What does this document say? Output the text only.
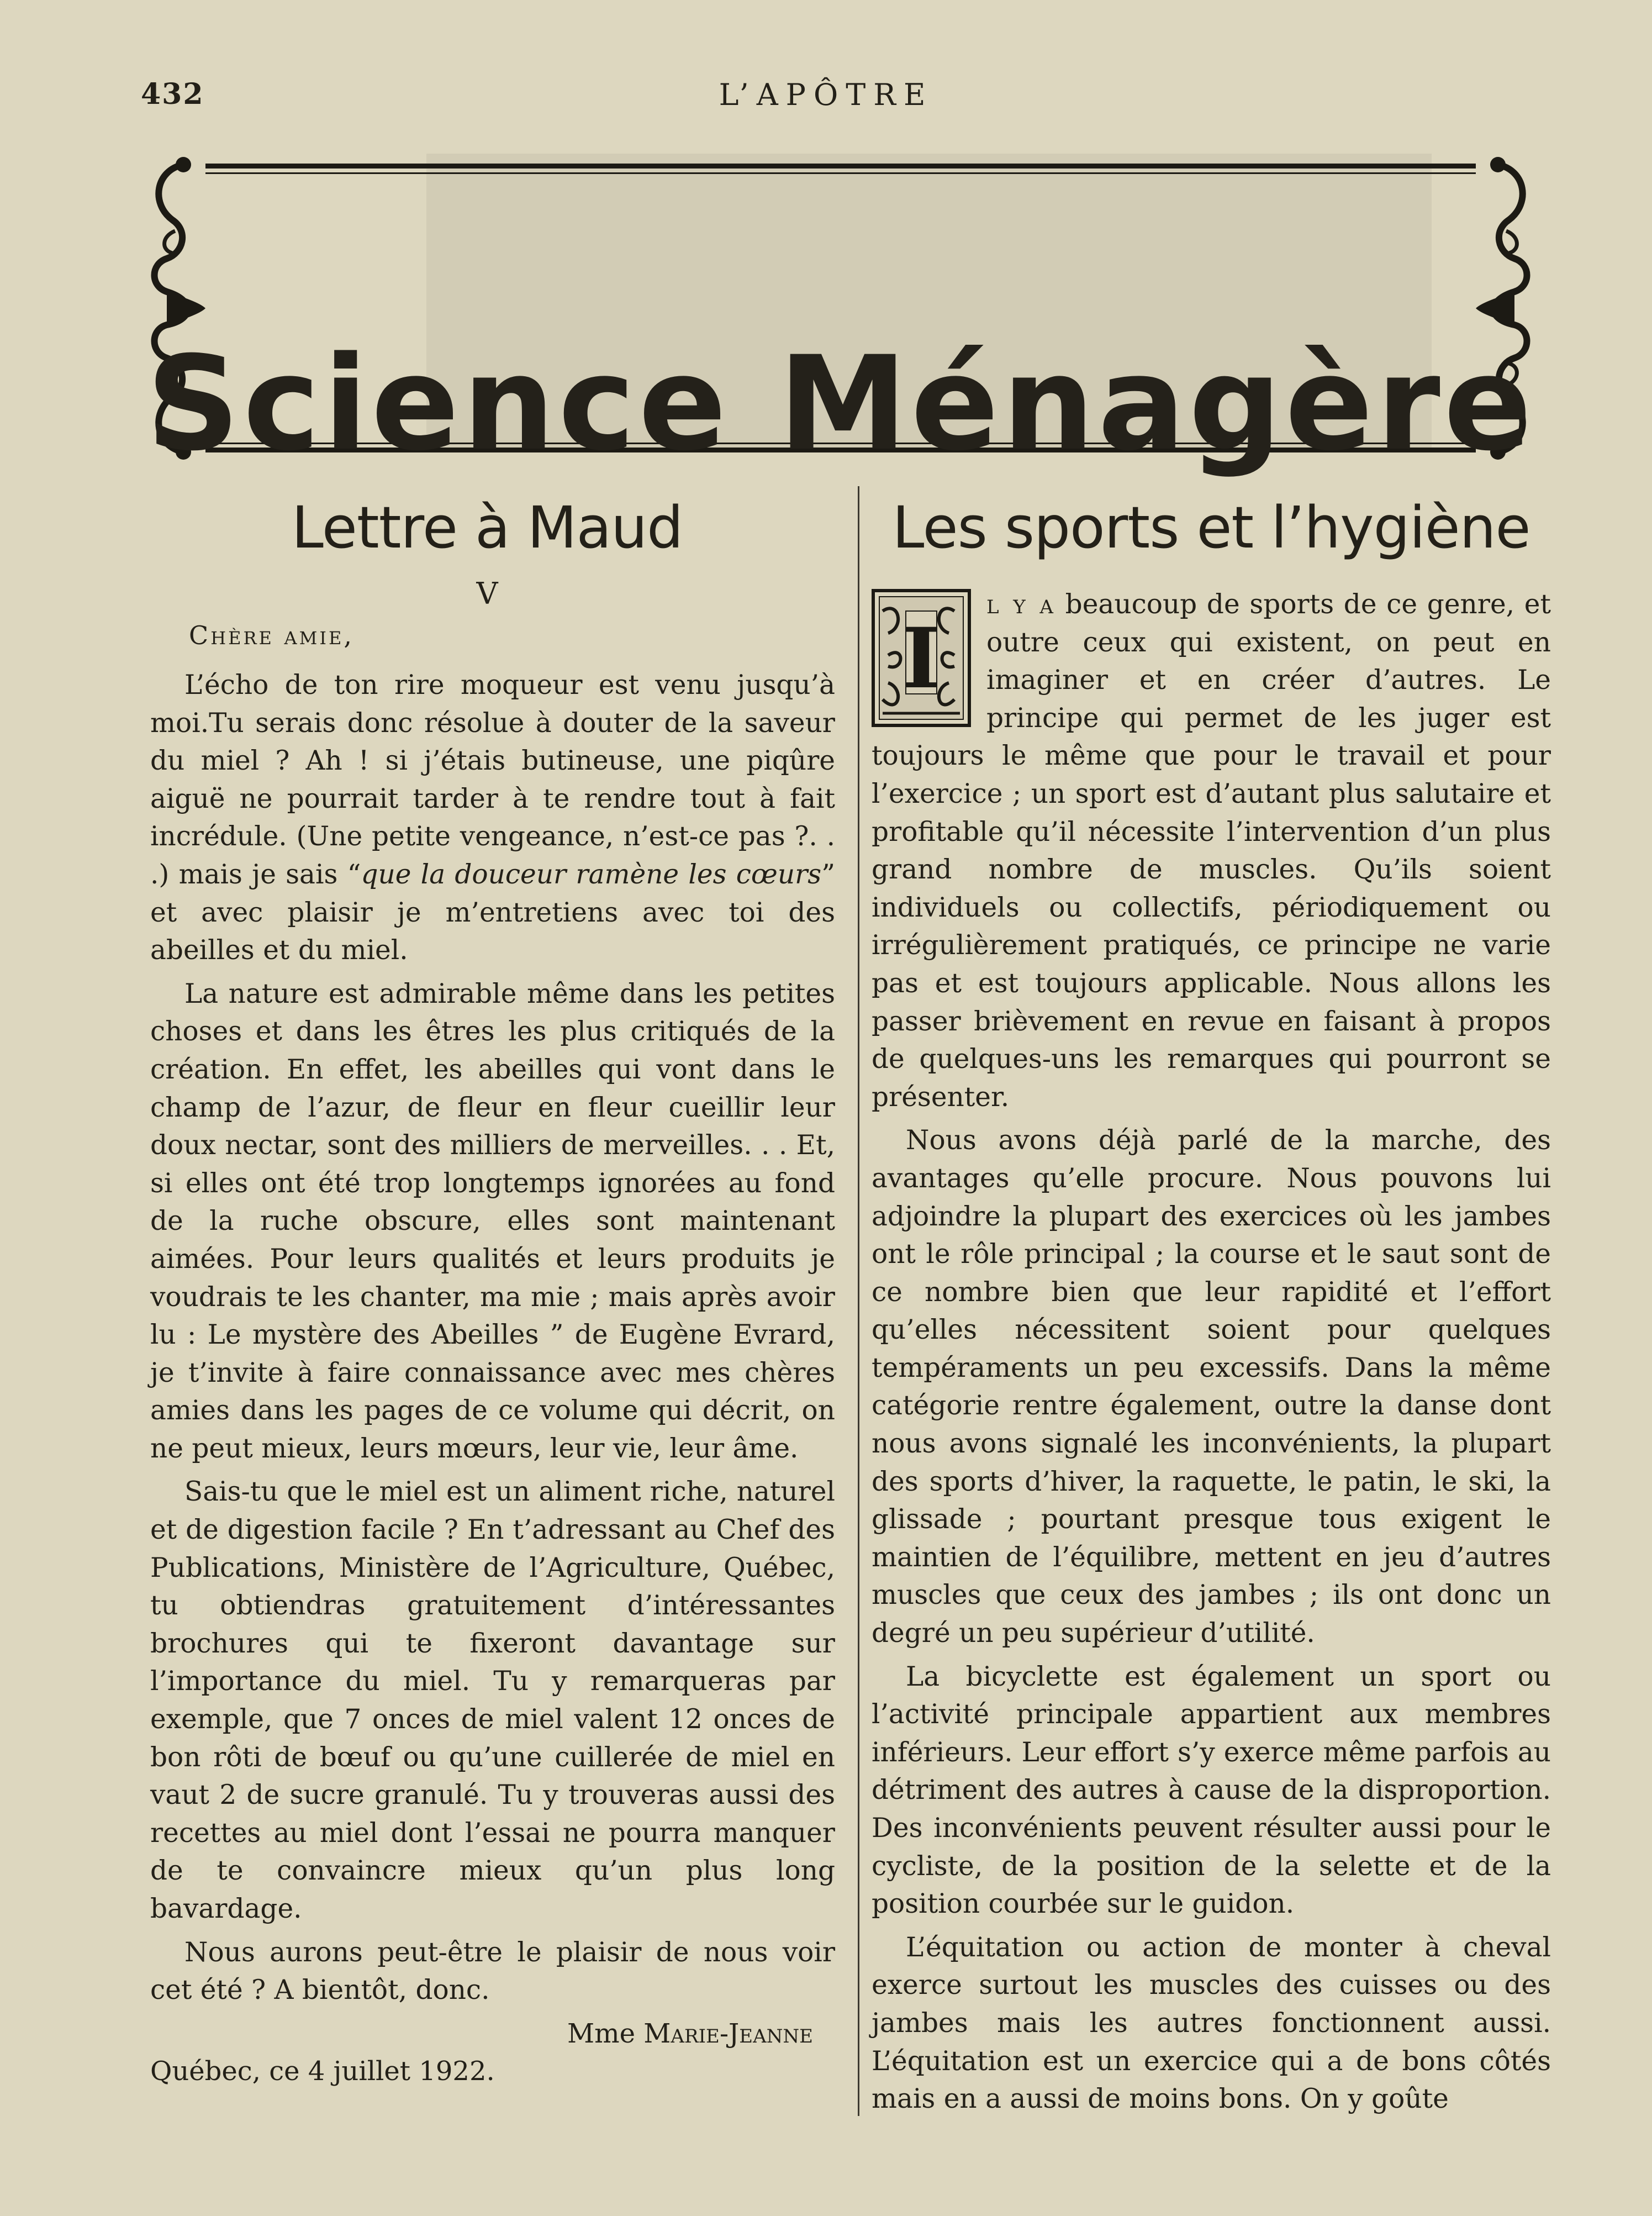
432	L’APÔTRE
Science Ménagère
Lettre à Maud
V
Chère amie,

L’écho de ton rire moqueur est venu jusqu’à moi.Tu serais donc résolue à douter de la saveur du miel ? Ah ! si j’étais butineuse, une piqûre aiguë ne pourrait tarder à te rendre tout à fait incrédule. (Une petite vengeance, n’est-ce pas ?. . .) mais je sais “que la douceur ramène les cœurs” et avec plaisir je m’entretiens avec toi des abeilles et du miel.

La nature est admirable même dans les petites choses et dans les êtres les plus critiqués de la création. En effet, les abeilles qui vont dans le champ de l’azur, de fleur en fleur cueillir leur doux nectar, sont des milliers de merveilles. . . Et, si elles ont été trop longtemps ignorées au fond de la ruche obscure, elles sont maintenant aimées. Pour leurs qualités et leurs produits je voudrais te les chanter, ma mie ; mais après avoir lu : Le mystère des Abeilles ” de Eugène Evrard, je t’invite à faire connaissance avec mes chères amies dans les pages de ce volume qui décrit, on ne peut mieux, leurs mœurs, leur vie, leur âme.

Sais-tu que le miel est un aliment riche, naturel et de digestion facile ? En t’adressant au Chef des Publications, Ministère de l’Agriculture, Québec, tu obtiendras gratuitement d’intéressantes brochures qui te fixeront davantage sur l’importance du miel. Tu y remarqueras par exemple, que 7 onces de miel valent 12 onces de bon rôti de bœuf ou qu’une cuillerée de miel en vaut 2 de sucre granulé. Tu y trouveras aussi des recettes au miel dont l’essai ne pourra manquer de te convaincre mieux qu’un plus long bavardage.

Nous aurons peut-être le plaisir de nous voir cet été ? A bientôt, donc.

Mme Marie-Jeanne
Québec, ce 4 juillet 1922.
Les sports et l’hygiène

I
l y a beaucoup de sports de ce genre, et outre ceux qui existent, on peut en imaginer et en créer d’autres. Le principe qui permet de les juger est toujours le même que pour le travail et pour l’exercice ; un sport est d’autant plus salutaire et profitable qu’il nécessite l’intervention d’un plus grand nombre de muscles. Qu’ils soient individuels ou collectifs, périodiquement ou irrégulièrement pratiqués, ce principe ne varie pas et est toujours applicable. Nous allons les passer brièvement en revue en faisant à propos de quelques-uns les remarques qui pourront se présenter.

Nous avons déjà parlé de la marche, des avantages qu’elle procure. Nous pouvons lui adjoindre la plupart des exercices où les jambes ont le rôle principal ; la course et le saut sont de ce nombre bien que leur rapidité et l’effort qu’elles nécessitent soient pour quelques tempéraments un peu excessifs. Dans la même catégorie rentre également, outre la danse dont nous avons signalé les inconvénients, la plupart des sports d’hiver, la raquette, le patin, le ski, la glissade ; pourtant presque tous exigent le maintien de l’équilibre, mettent en jeu d’autres muscles que ceux des jambes ; ils ont donc un degré un peu supérieur d’utilité.

La bicyclette est également un sport ou l’activité principale appartient aux membres inférieurs. Leur effort s’y exerce même parfois au détriment des autres à cause de la disproportion. Des inconvénients peuvent résulter aussi pour le cycliste, de la position de la selette et de la position courbée sur le guidon.

L’équitation ou action de monter à cheval exerce surtout les muscles des cuisses ou des jambes mais les autres fonctionnent aussi. L’équitation est un exercice qui a de bons côtés mais en a aussi de moins bons. On y goûte
